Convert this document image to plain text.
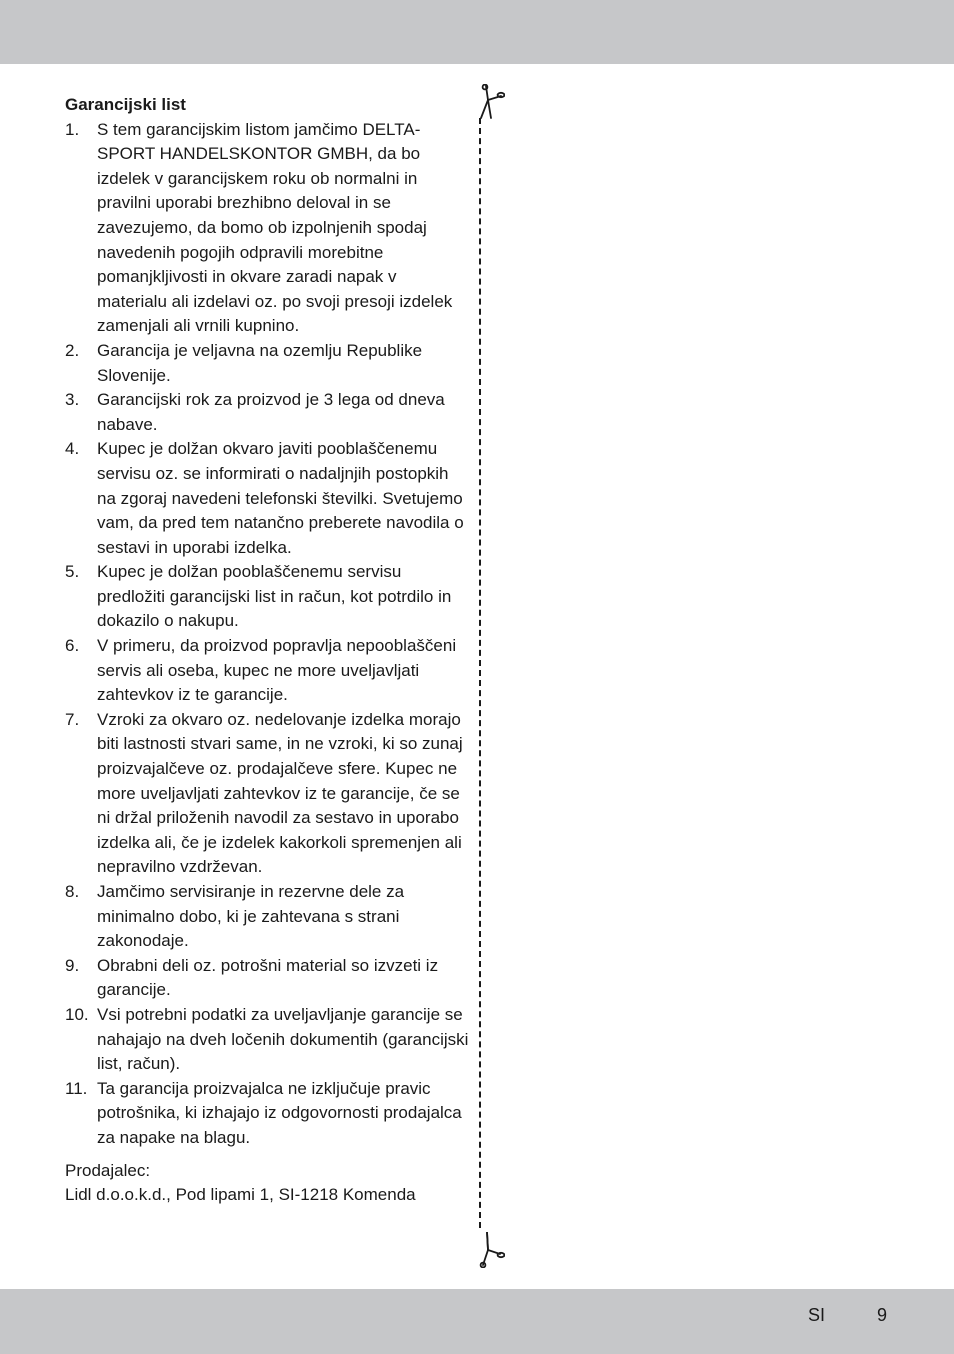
Garancijski list

1. S tem garancijskim listom jamčimo DELTA-SPORT HANDELSKONTOR GMBH, da bo izdelek v garancijskem roku ob normalni in pravilni uporabi brezhibno deloval in se zavezujemo, da bomo ob izpolnjenih spodaj navedenih pogojih odpravili morebitne pomanjkljivosti in okvare zaradi napak v materialu ali izdelavi oz. po svoji presoji izdelek zamenjali ali vrnili kupnino.
2. Garancija je veljavna na ozemlju Republike Slovenije.
3. Garancijski rok za proizvod je 3 lega od dneva nabave.
4. Kupec je dolžan okvaro javiti pooblaščenemu servisu oz. se informirati o nadaljnjih postopkih na zgoraj navedeni telefonski številki. Svetujemo vam, da pred tem natančno preberete navodila o sestavi in uporabi izdelka.
5. Kupec je dolžan pooblaščenemu servisu predložiti garancijski list in račun, kot potrdilo in dokazilo o nakupu.
6. V primeru, da proizvod popravlja nepooblaščeni servis ali oseba, kupec ne more uveljavljati zahtevkov iz te garancije.
7. Vzroki za okvaro oz. nedelovanje izdelka morajo biti lastnosti stvari same, in ne vzroki, ki so zunaj proizvajalčeve oz. prodajalčeve sfere. Kupec ne more uveljavljati zahtevkov iz te garancije, če se ni držal priloženih navodil za sestavo in uporabo izdelka ali, če je izdelek kakorkoli spremenjen ali nepravilno vzdrževan.
8. Jamčimo servisiranje in rezervne dele za minimalno dobo, ki je zahtevana s strani zakonodaje.
9. Obrabni deli oz. potrošni material so izvzeti iz garancije.
10. Vsi potrebni podatki za uveljavljanje garancije se nahajajo na dveh ločenih dokumentih (garancijski list, račun).
11. Ta garancija proizvajalca ne izključuje pravic potrošnika, ki izhajajo iz odgovornosti prodajalca za napake na blagu.
Prodajalec:
Lidl d.o.o.k.d., Pod lipami 1, SI-1218 Komenda
SI	9
